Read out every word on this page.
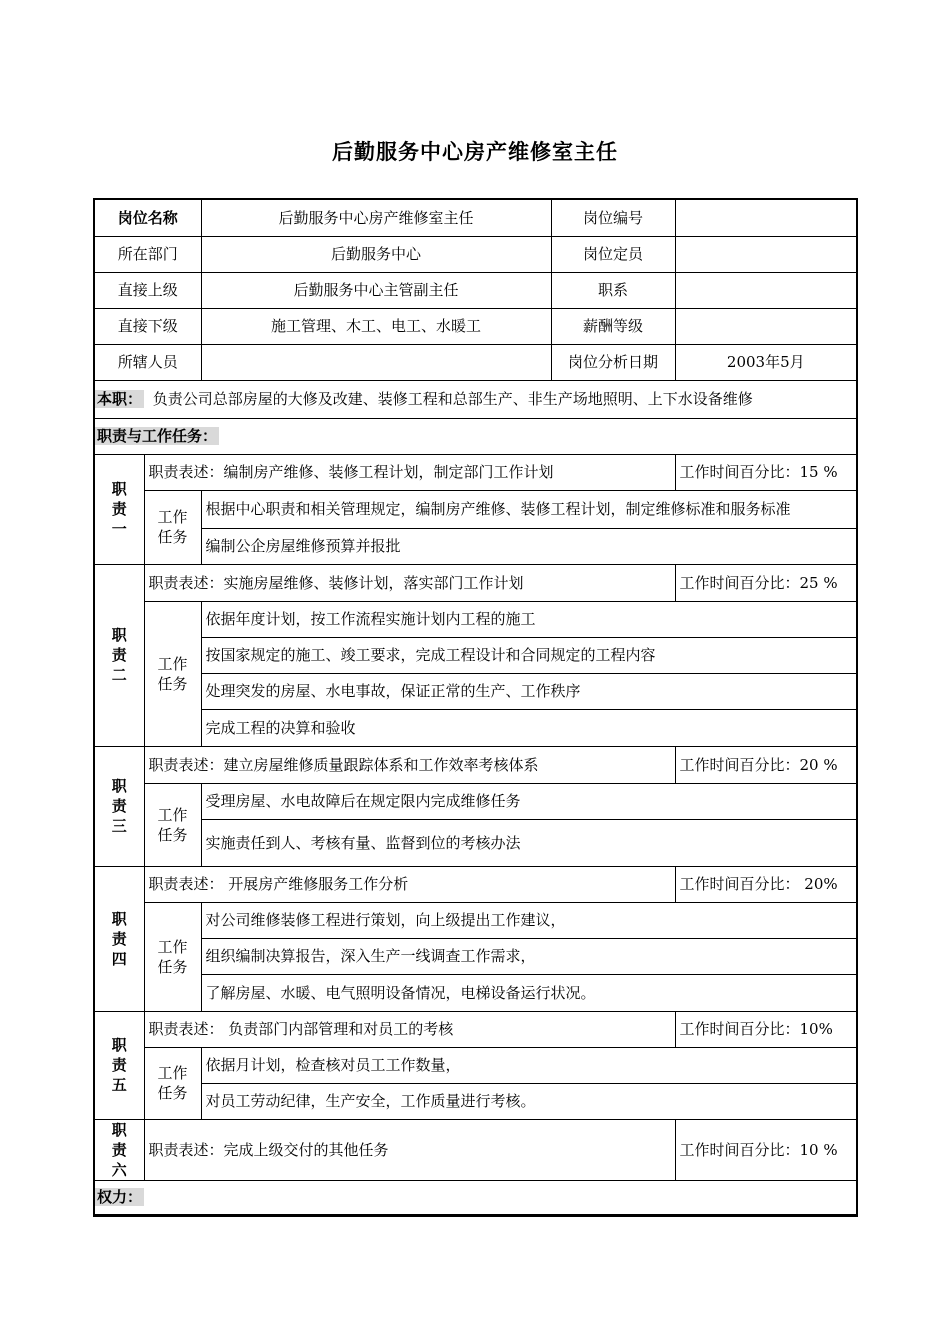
后勤服务中心房产维修室主任
岗位名称		后勤服务中心房产维修室主任	岗位编号	
所在部门		后勤服务中心	岗位定员	
直接上级		后勤服务中心主管副主任	职系	
直接下级		施工管理、木工、电工、水暖工	薪酬等级	
所辖人员			岗位分析日期	2003年5月
本职： 负责公司总部房屋的大修及改建、装修工程和总部生产、非生产场地照明、上下水设备维修				
职责与工作任务：				
职责一	职责表述：编制房产维修、装修工程计划，制定部门工作计划			工作时间百分比：15 %
	工作任务	根据中心职责和相关管理规定，编制房产维修、装修工程计划，制定维修标准和服务标准		
		编制公企房屋维修预算并报批		
职责二	职责表述：实施房屋维修、装修计划，落实部门工作计划			工作时间百分比：25 %
	工作任务	依据年度计划，按工作流程实施计划内工程的施工		
		按国家规定的施工、竣工要求，完成工程设计和合同规定的工程内容		
		处理突发的房屋、水电事故，保证正常的生产、工作秩序		
		完成工程的决算和验收		
职责三	职责表述：建立房屋维修质量跟踪体系和工作效率考核体系			工作时间百分比：20 %
	工作任务	受理房屋、水电故障后在规定限内完成维修任务		
		实施责任到人、考核有量、监督到位的考核办法		
职责四	职责表述： 开展房产维修服务工作分析			工作时间百分比： 20%
	工作任务	对公司维修装修工程进行策划，向上级提出工作建议，		
		组织编制决算报告，深入生产一线调查工作需求，		
		了解房屋、水暖、电气照明设备情况，电梯设备运行状况。		
职责五	职责表述： 负责部门内部管理和对员工的考核			工作时间百分比：10%
	工作任务	依据月计划，检查核对员工工作数量，		
		对员工劳动纪律，生产安全，工作质量进行考核。		
职责六	职责表述：完成上级交付的其他任务			工作时间百分比：10 %
权力：				
